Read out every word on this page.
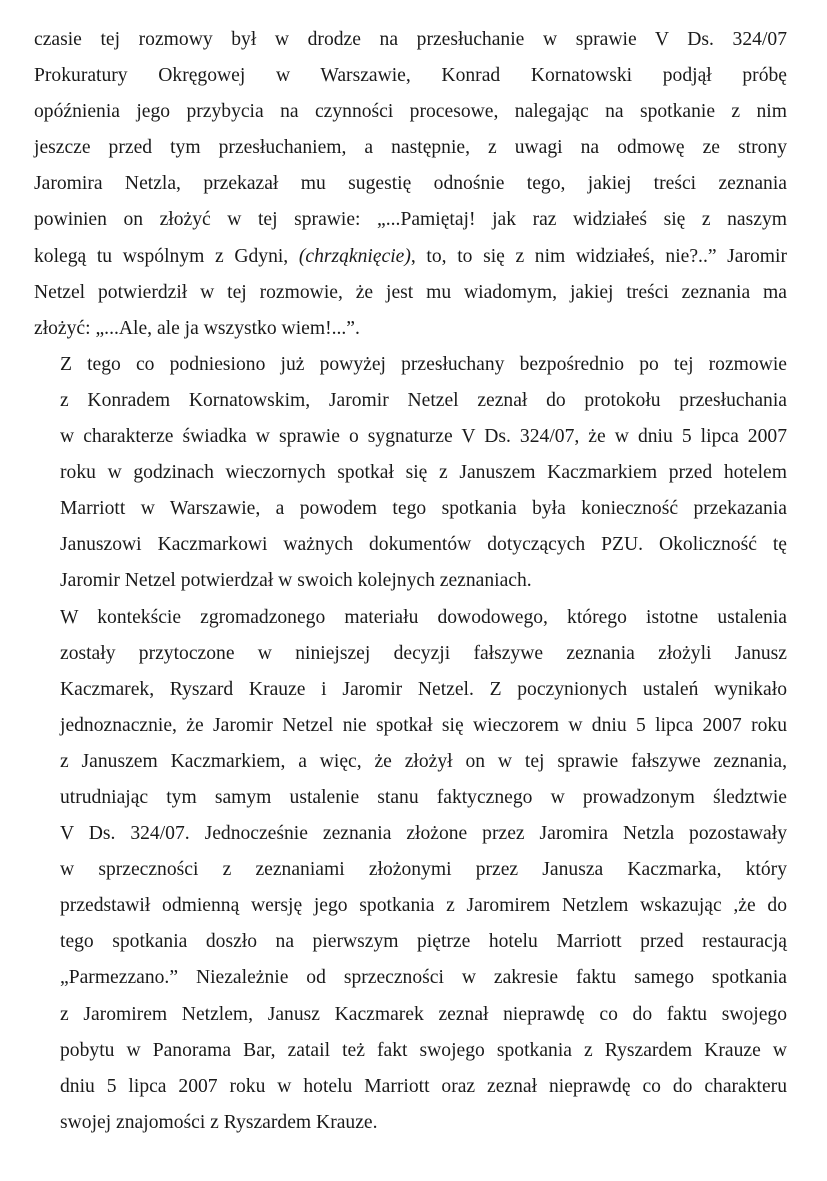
czasie tej rozmowy był w drodze na przesłuchanie w sprawie V Ds. 324/07
Prokuratury Okręgowej w Warszawie, Konrad Kornatowski podjął próbę
opóźnienia jego przybycia na czynności procesowe, nalegając na spotkanie z nim
jeszcze przed tym przesłuchaniem, a następnie, z uwagi na odmowę ze strony
Jaromira Netzla, przekazał mu sugestię odnośnie tego, jakiej treści zeznania
powinien on złożyć w tej sprawie: „...Pamiętaj! jak raz widziałeś się z naszym
kolegą tu wspólnym z Gdyni, (chrząknięcie), to, to się z nim widziałeś, nie?..” Jaromir
Netzel potwierdził w tej rozmowie, że jest mu wiadomym, jakiej treści zeznania ma
złożyć: „...Ale, ale ja wszystko wiem!...”.
Z tego co podniesiono już powyżej przesłuchany bezpośrednio po tej rozmowie
z Konradem Kornatowskim, Jaromir Netzel zeznał do protokołu przesłuchania
w charakterze świadka w sprawie o sygnaturze V Ds. 324/07, że w dniu 5 lipca 2007
roku w godzinach wieczornych spotkał się z Januszem Kaczmarkiem przed hotelem
Marriott w Warszawie, a powodem tego spotkania była konieczność przekazania
Januszowi Kaczmarkowi ważnych dokumentów dotyczących PZU. Okoliczność tę
Jaromir Netzel potwierdzał w swoich kolejnych zeznaniach.
W kontekście zgromadzonego materiału dowodowego, którego istotne ustalenia
zostały przytoczone w niniejszej decyzji fałszywe zeznania złożyli Janusz
Kaczmarek, Ryszard Krauze i Jaromir Netzel. Z poczynionych ustaleń wynikało
jednoznacznie, że Jaromir Netzel nie spotkał się wieczorem w dniu 5 lipca 2007 roku
z Januszem Kaczmarkiem, a więc, że złożył on w tej sprawie fałszywe zeznania,
utrudniając tym samym ustalenie stanu faktycznego w prowadzonym śledztwie
V Ds. 324/07. Jednocześnie zeznania złożone przez Jaromira Netzla pozostawały
w sprzeczności z zeznaniami złożonymi przez Janusza Kaczmarka, który
przedstawił odmienną wersję jego spotkania z Jaromirem Netzlem wskazując ,że do
tego spotkania doszło na pierwszym piętrze hotelu Marriott przed restauracją
„Parmezzano.” Niezależnie od sprzeczności w zakresie faktu samego spotkania
z Jaromirem Netzlem, Janusz Kaczmarek zeznał nieprawdę co do faktu swojego
pobytu w Panorama Bar, zatail też fakt swojego spotkania z Ryszardem Krauze w
dniu 5 lipca 2007 roku w hotelu Marriott oraz zeznał nieprawdę co do charakteru
swojej znajomości z Ryszardem Krauze.
